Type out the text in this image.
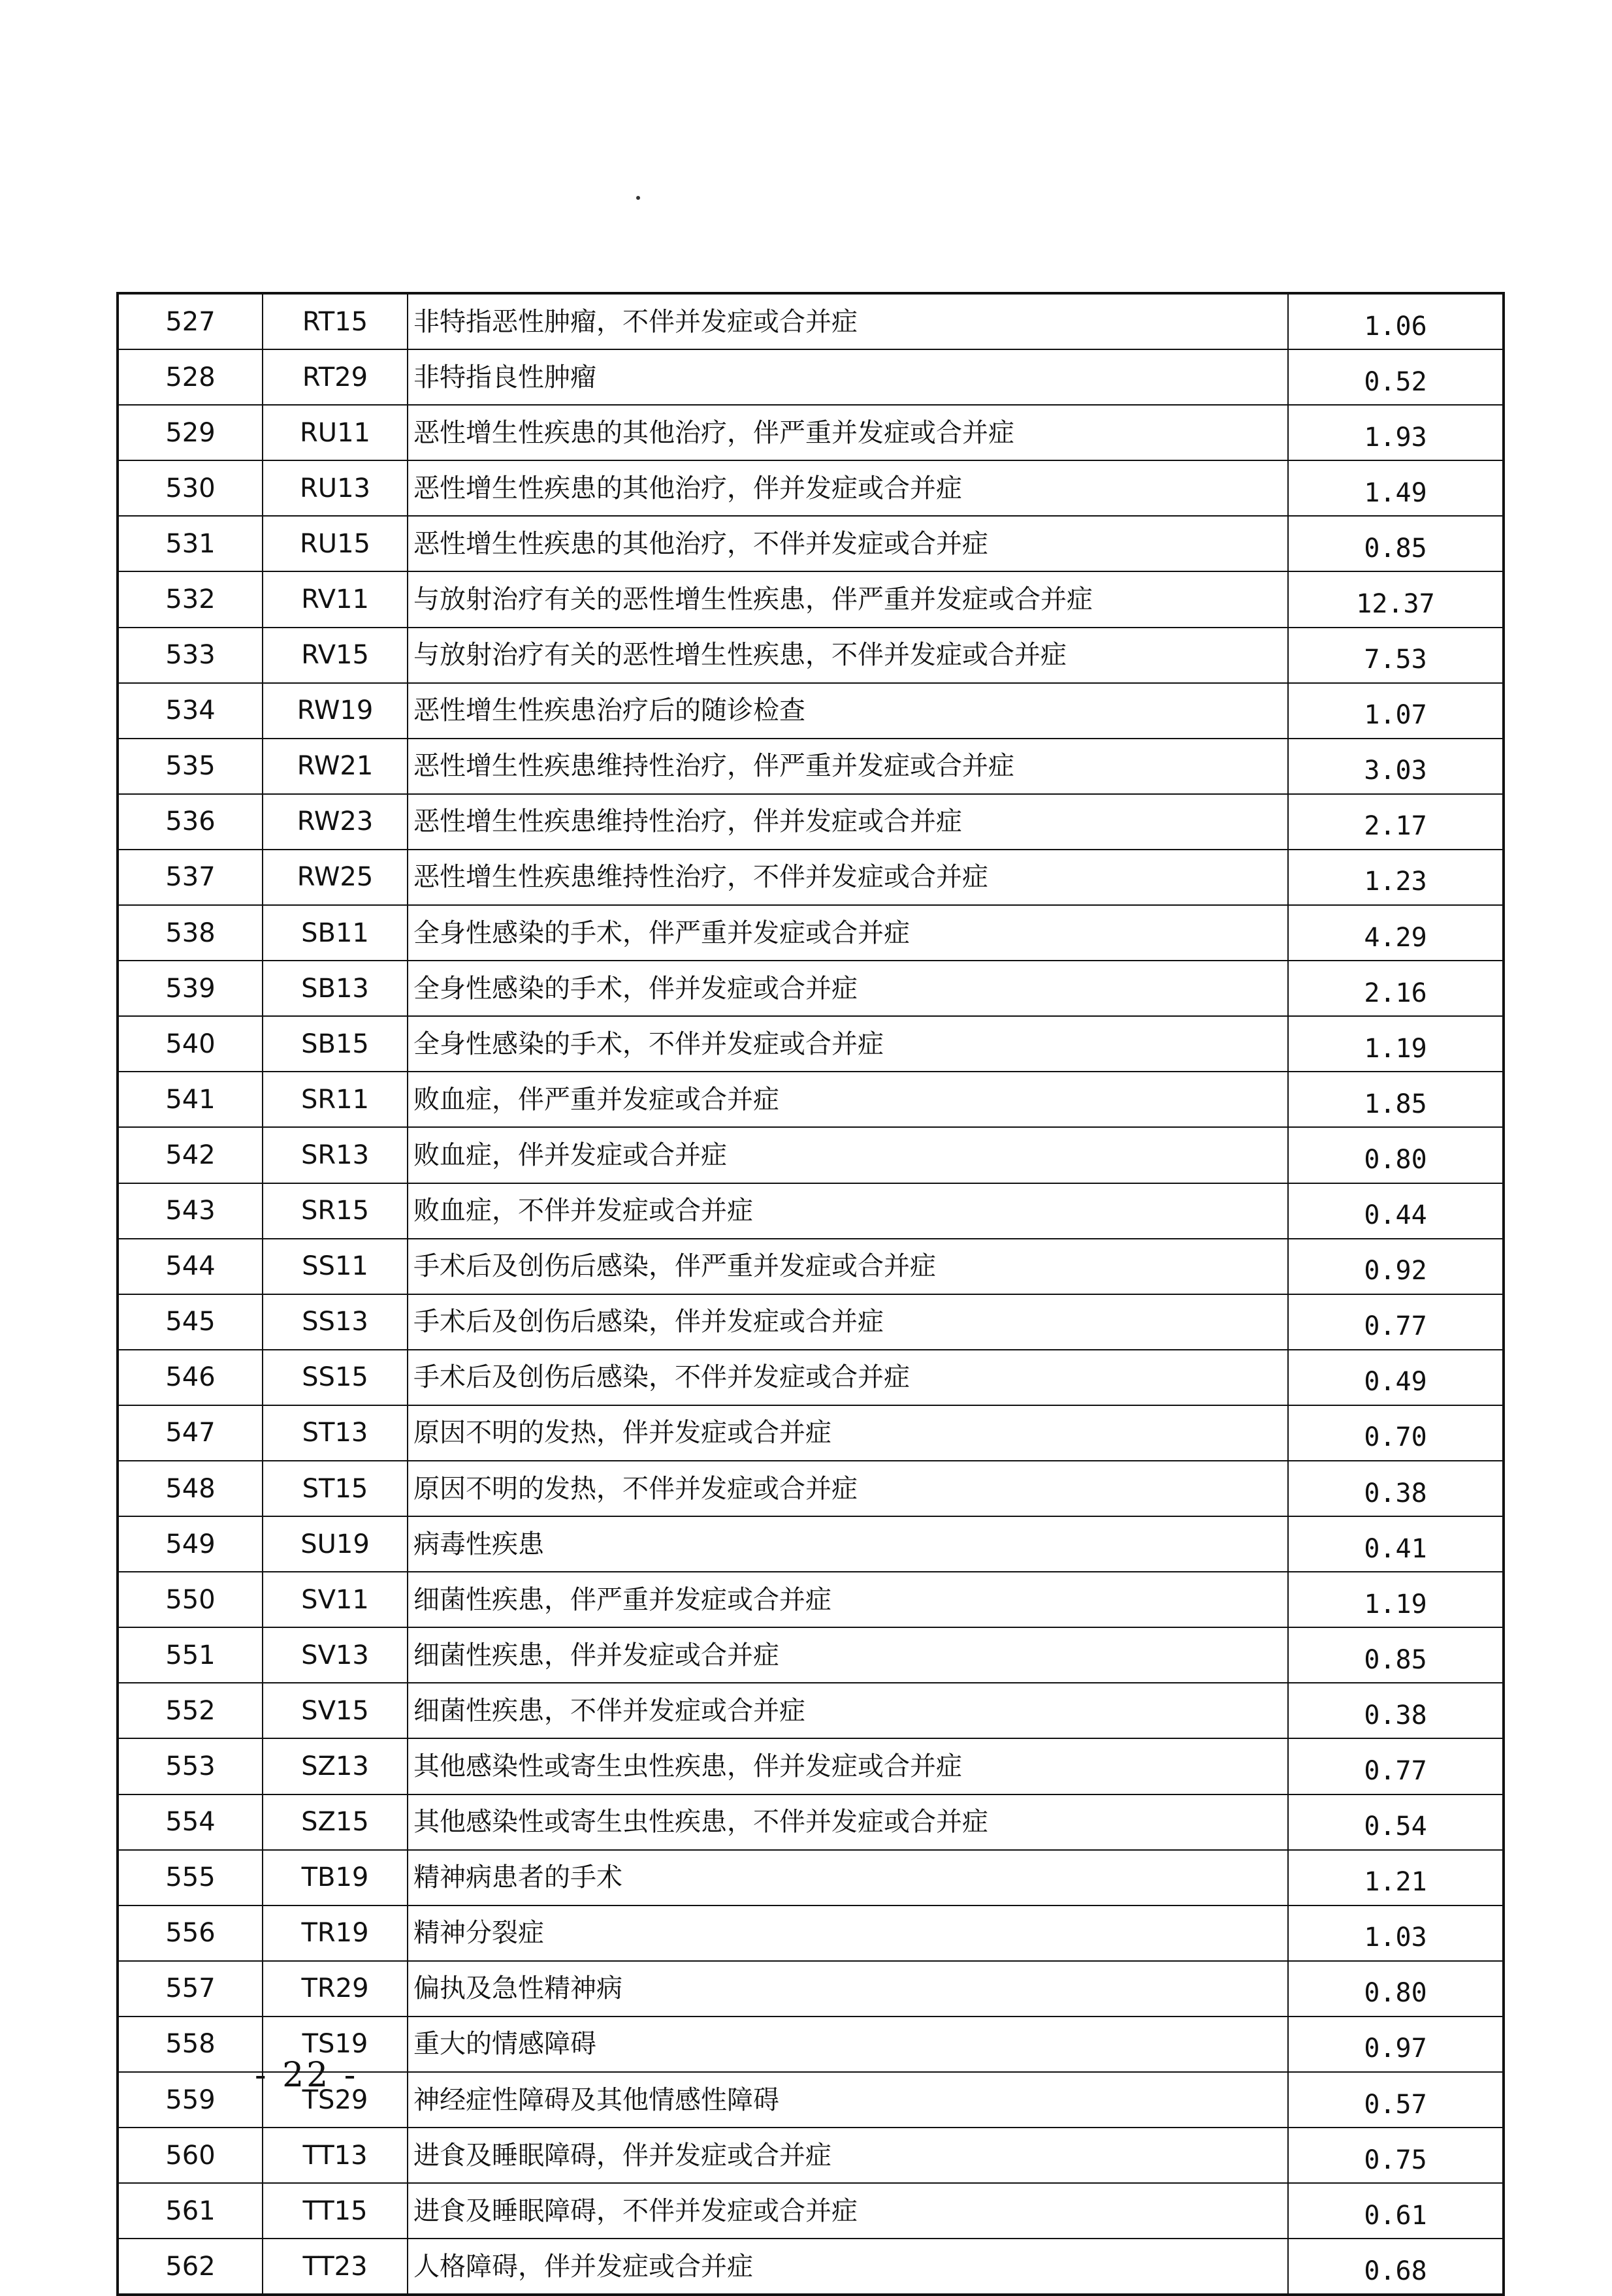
527	RT15	非特指恶性肿瘤，不伴并发症或合并症	1.06
528	RT29	非特指良性肿瘤	0.52
529	RU11	恶性增生性疾患的其他治疗，伴严重并发症或合并症	1.93
530	RU13	恶性增生性疾患的其他治疗，伴并发症或合并症	1.49
531	RU15	恶性增生性疾患的其他治疗，不伴并发症或合并症	0.85
532	RV11	与放射治疗有关的恶性增生性疾患，伴严重并发症或合并症	12.37
533	RV15	与放射治疗有关的恶性增生性疾患，不伴并发症或合并症	7.53
534	RW19	恶性增生性疾患治疗后的随诊检查	1.07
535	RW21	恶性增生性疾患维持性治疗，伴严重并发症或合并症	3.03
536	RW23	恶性增生性疾患维持性治疗，伴并发症或合并症	2.17
537	RW25	恶性增生性疾患维持性治疗，不伴并发症或合并症	1.23
538	SB11	全身性感染的手术，伴严重并发症或合并症	4.29
539	SB13	全身性感染的手术，伴并发症或合并症	2.16
540	SB15	全身性感染的手术，不伴并发症或合并症	1.19
541	SR11	败血症，伴严重并发症或合并症	1.85
542	SR13	败血症，伴并发症或合并症	0.80
543	SR15	败血症，不伴并发症或合并症	0.44
544	SS11	手术后及创伤后感染，伴严重并发症或合并症	0.92
545	SS13	手术后及创伤后感染，伴并发症或合并症	0.77
546	SS15	手术后及创伤后感染，不伴并发症或合并症	0.49
547	ST13	原因不明的发热，伴并发症或合并症	0.70
548	ST15	原因不明的发热，不伴并发症或合并症	0.38
549	SU19	病毒性疾患	0.41
550	SV11	细菌性疾患，伴严重并发症或合并症	1.19
551	SV13	细菌性疾患，伴并发症或合并症	0.85
552	SV15	细菌性疾患，不伴并发症或合并症	0.38
553	SZ13	其他感染性或寄生虫性疾患，伴并发症或合并症	0.77
554	SZ15	其他感染性或寄生虫性疾患，不伴并发症或合并症	0.54
555	TB19	精神病患者的手术	1.21
556	TR19	精神分裂症	1.03
557	TR29	偏执及急性精神病	0.80
558	TS19	重大的情感障碍	0.97
559	TS29	神经症性障碍及其他情感性障碍	0.57
560	TT13	进食及睡眠障碍，伴并发症或合并症	0.75
561	TT15	进食及睡眠障碍，不伴并发症或合并症	0.61
562	TT23	人格障碍，伴并发症或合并症	0.68
- 22 -
